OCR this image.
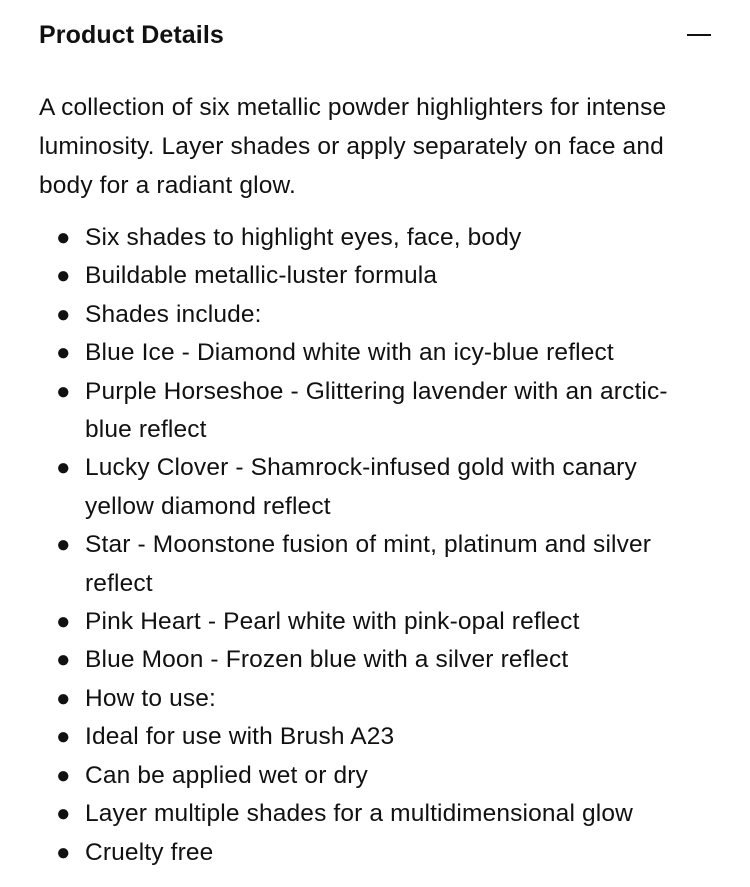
Product Details

A collection of six metallic powder highlighters for intense luminosity. Layer shades or apply separately on face and body for a radiant glow.

● Six shades to highlight eyes, face, body
● Buildable metallic-luster formula
● Shades include:
● Blue Ice - Diamond white with an icy-blue reflect
● Purple Horseshoe - Glittering lavender with an arctic-blue reflect
● Lucky Clover - Shamrock-infused gold with canary yellow diamond reflect
● Star - Moonstone fusion of mint, platinum and silver reflect
● Pink Heart - Pearl white with pink-opal reflect
● Blue Moon - Frozen blue with a silver reflect
● How to use:
● Ideal for use with Brush A23
● Can be applied wet or dry
● Layer multiple shades for a multidimensional glow
● Cruelty free
